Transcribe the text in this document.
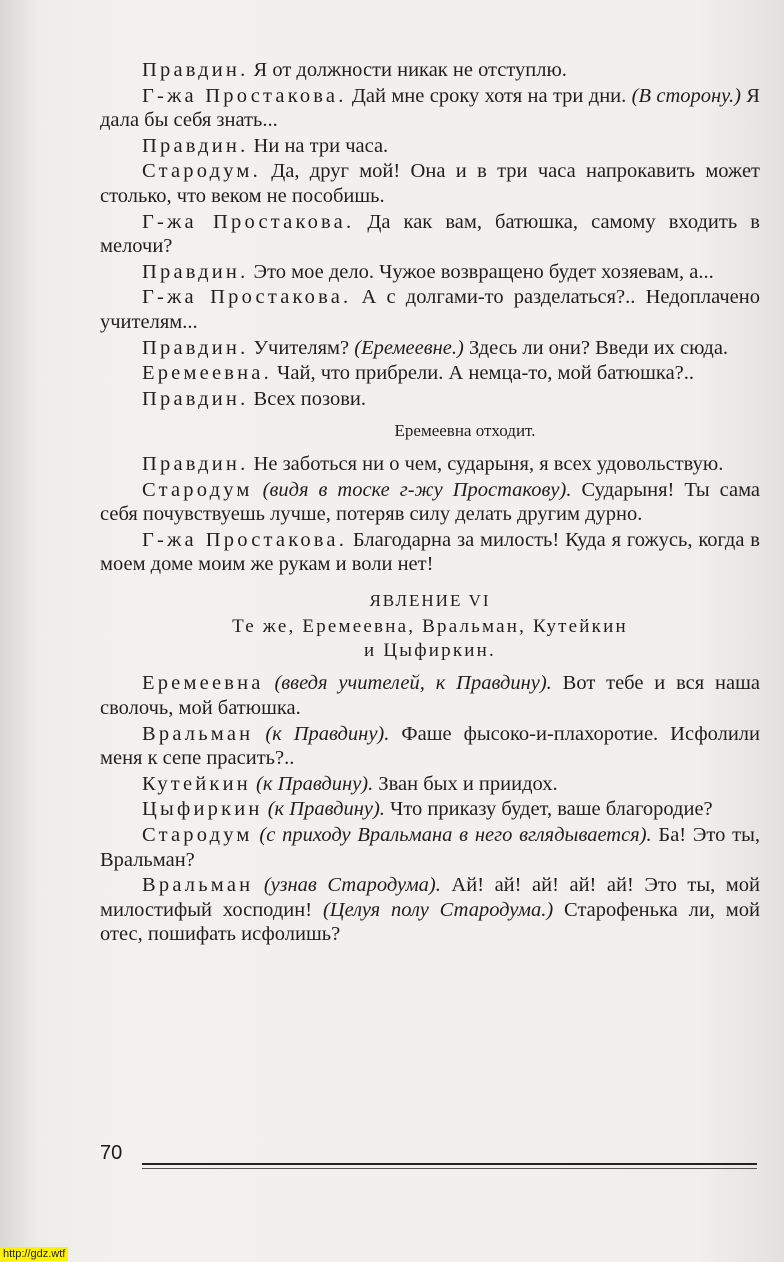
Правдин. Я от должности никак не отступлю.

Г-жа Простакова. Дай мне сроку хотя на три дни. (В сторону.) Я дала бы себя знать...

Правдин. Ни на три часа.

Стародум. Да, друг мой! Она и в три часа напрокавить может столько, что веком не пособишь.

Г-жа Простакова. Да как вам, батюшка, самому входить в мелочи?

Правдин. Это мое дело. Чужое возвращено будет хозяевам, а...

Г-жа Простакова. А с долгами-то разделаться?.. Недоплачено учителям...

Правдин. Учителям? (Еремеевне.) Здесь ли они? Введи их сюда.

Еремеевна. Чай, что прибрели. А немца-то, мой батюшка?..

Правдин. Всех позови.

Еремеевна отходит.

Правдин. Не заботься ни о чем, сударыня, я всех удовольствую.

Стародум (видя в тоске г-жу Простакову). Сударыня! Ты сама себя почувствуешь лучше, потеряв силу делать другим дурно.

Г-жа Простакова. Благодарна за милость! Куда я гожусь, когда в моем доме моим же рукам и воли нет!

ЯВЛЕНИЕ VI
Те же, Еремеевна, Вральман, Кутейкин
и Цыфиркин.

Еремеевна (введя учителей, к Правдину). Вот тебе и вся наша сволочь, мой батюшка.

Вральман (к Правдину). Фаше фысоко-и-плахоротие. Исфолили меня к сепе прасить?..

Кутейкин (к Правдину). Зван бых и приидох.

Цыфиркин (к Правдину). Что приказу будет, ваше благородие?

Стародум (с приходу Вральмана в него вглядывается). Ба! Это ты, Вральман?

Вральман (узнав Стародума). Ай! ай! ай! ай! ай! Это ты, мой милостифый хосподин! (Целуя полу Стародума.) Старофенька ли, мой отес, пошифать исфолишь?

70
http://gdz.wtf
